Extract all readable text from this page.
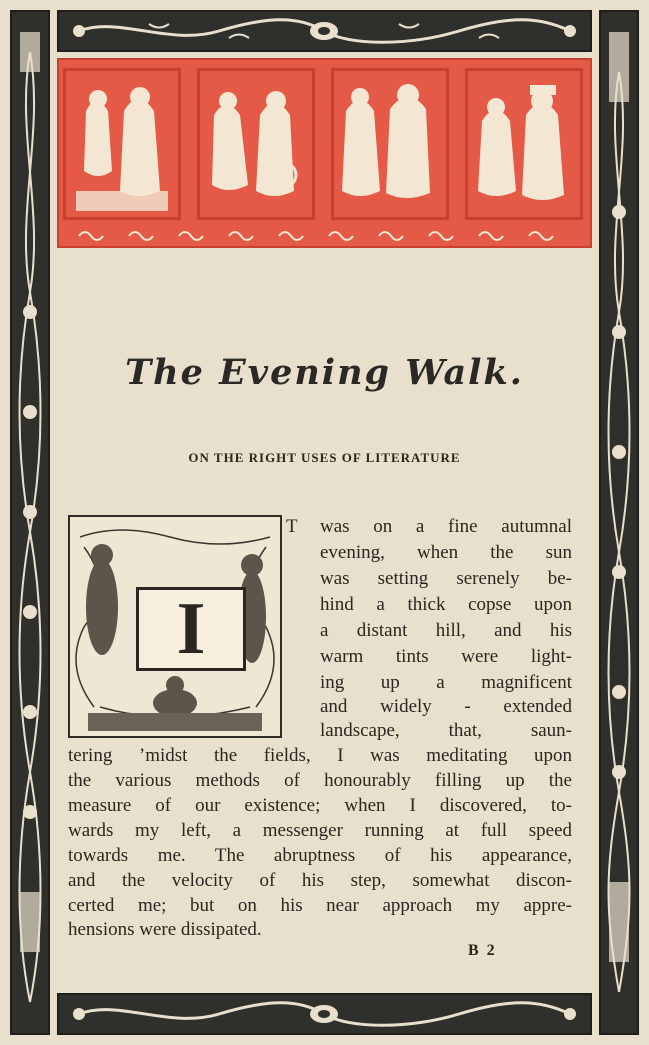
The Evening Walk.
ON THE RIGHT USES OF LITERATURE
I
T was on a fine autumnal
evening, when the sun
was setting serenely be-
hind a thick copse upon
a distant hill, and his
warm tints were light-
ing up a magnificent
and widely - extended
landscape, that, saun-
tering ’midst the fields, I was meditating upon
the various methods of honourably filling up the
measure of our existence; when I discovered, to-
wards my left, a messenger running at full speed
towards me. The abruptness of his appearance,
and the velocity of his step, somewhat discon-
certed me; but on his near approach my appre-
hensions were dissipated.
B 2
